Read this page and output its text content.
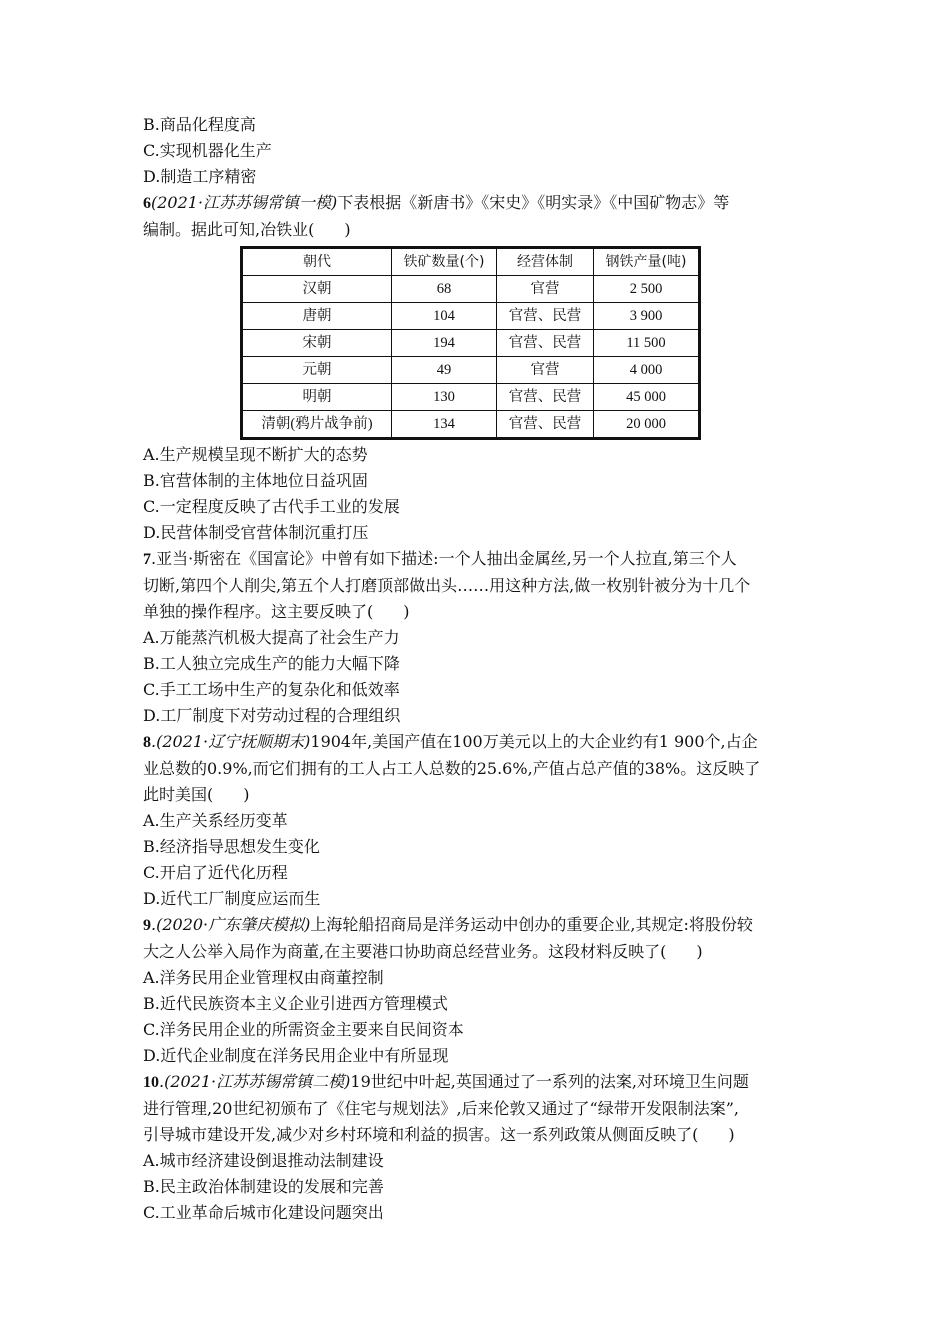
B.商品化程度高
C.实现机器化生产
D.制造工序精密
6(2021·江苏苏锡常镇一模)下表根据《新唐书》《宋史》《明实录》《中国矿物志》等
编制。据此可知,冶铁业( )
朝代	铁矿数量(个)	经营体制	钢铁产量(吨)
汉朝	68	官营	2 500
唐朝	104	官营、民营	3 900
宋朝	194	官营、民营	11 500
元朝	49	官营	4 000
明朝	130	官营、民营	45 000
清朝(鸦片战争前)	134	官营、民营	20 000
A.生产规模呈现不断扩大的态势
B.官营体制的主体地位日益巩固
C.一定程度反映了古代手工业的发展
D.民营体制受官营体制沉重打压
7.亚当·斯密在《国富论》中曾有如下描述:一个人抽出金属丝,另一个人拉直,第三个人
切断,第四个人削尖,第五个人打磨顶部做出头……用这种方法,做一枚别针被分为十几个
单独的操作程序。这主要反映了( )
A.万能蒸汽机极大提高了社会生产力
B.工人独立完成生产的能力大幅下降
C.手工工场中生产的复杂化和低效率
D.工厂制度下对劳动过程的合理组织
8.(2021·辽宁抚顺期末)1904年,美国产值在100万美元以上的大企业约有1 900个,占企
业总数的0.9%,而它们拥有的工人占工人总数的25.6%,产值占总产值的38%。这反映了
此时美国( )
A.生产关系经历变革
B.经济指导思想发生变化
C.开启了近代化历程
D.近代工厂制度应运而生
9.(2020·广东肇庆模拟)上海轮船招商局是洋务运动中创办的重要企业,其规定:将股份较
大之人公举入局作为商董,在主要港口协助商总经营业务。这段材料反映了( )
A.洋务民用企业管理权由商董控制
B.近代民族资本主义企业引进西方管理模式
C.洋务民用企业的所需资金主要来自民间资本
D.近代企业制度在洋务民用企业中有所显现
10.(2021·江苏苏锡常镇二模)19世纪中叶起,英国通过了一系列的法案,对环境卫生问题
进行管理,20世纪初颁布了《住宅与规划法》,后来伦敦又通过了“绿带开发限制法案”,
引导城市建设开发,减少对乡村环境和利益的损害。这一系列政策从侧面反映了( )
A.城市经济建设倒退推动法制建设
B.民主政治体制建设的发展和完善
C.工业革命后城市化建设问题突出
